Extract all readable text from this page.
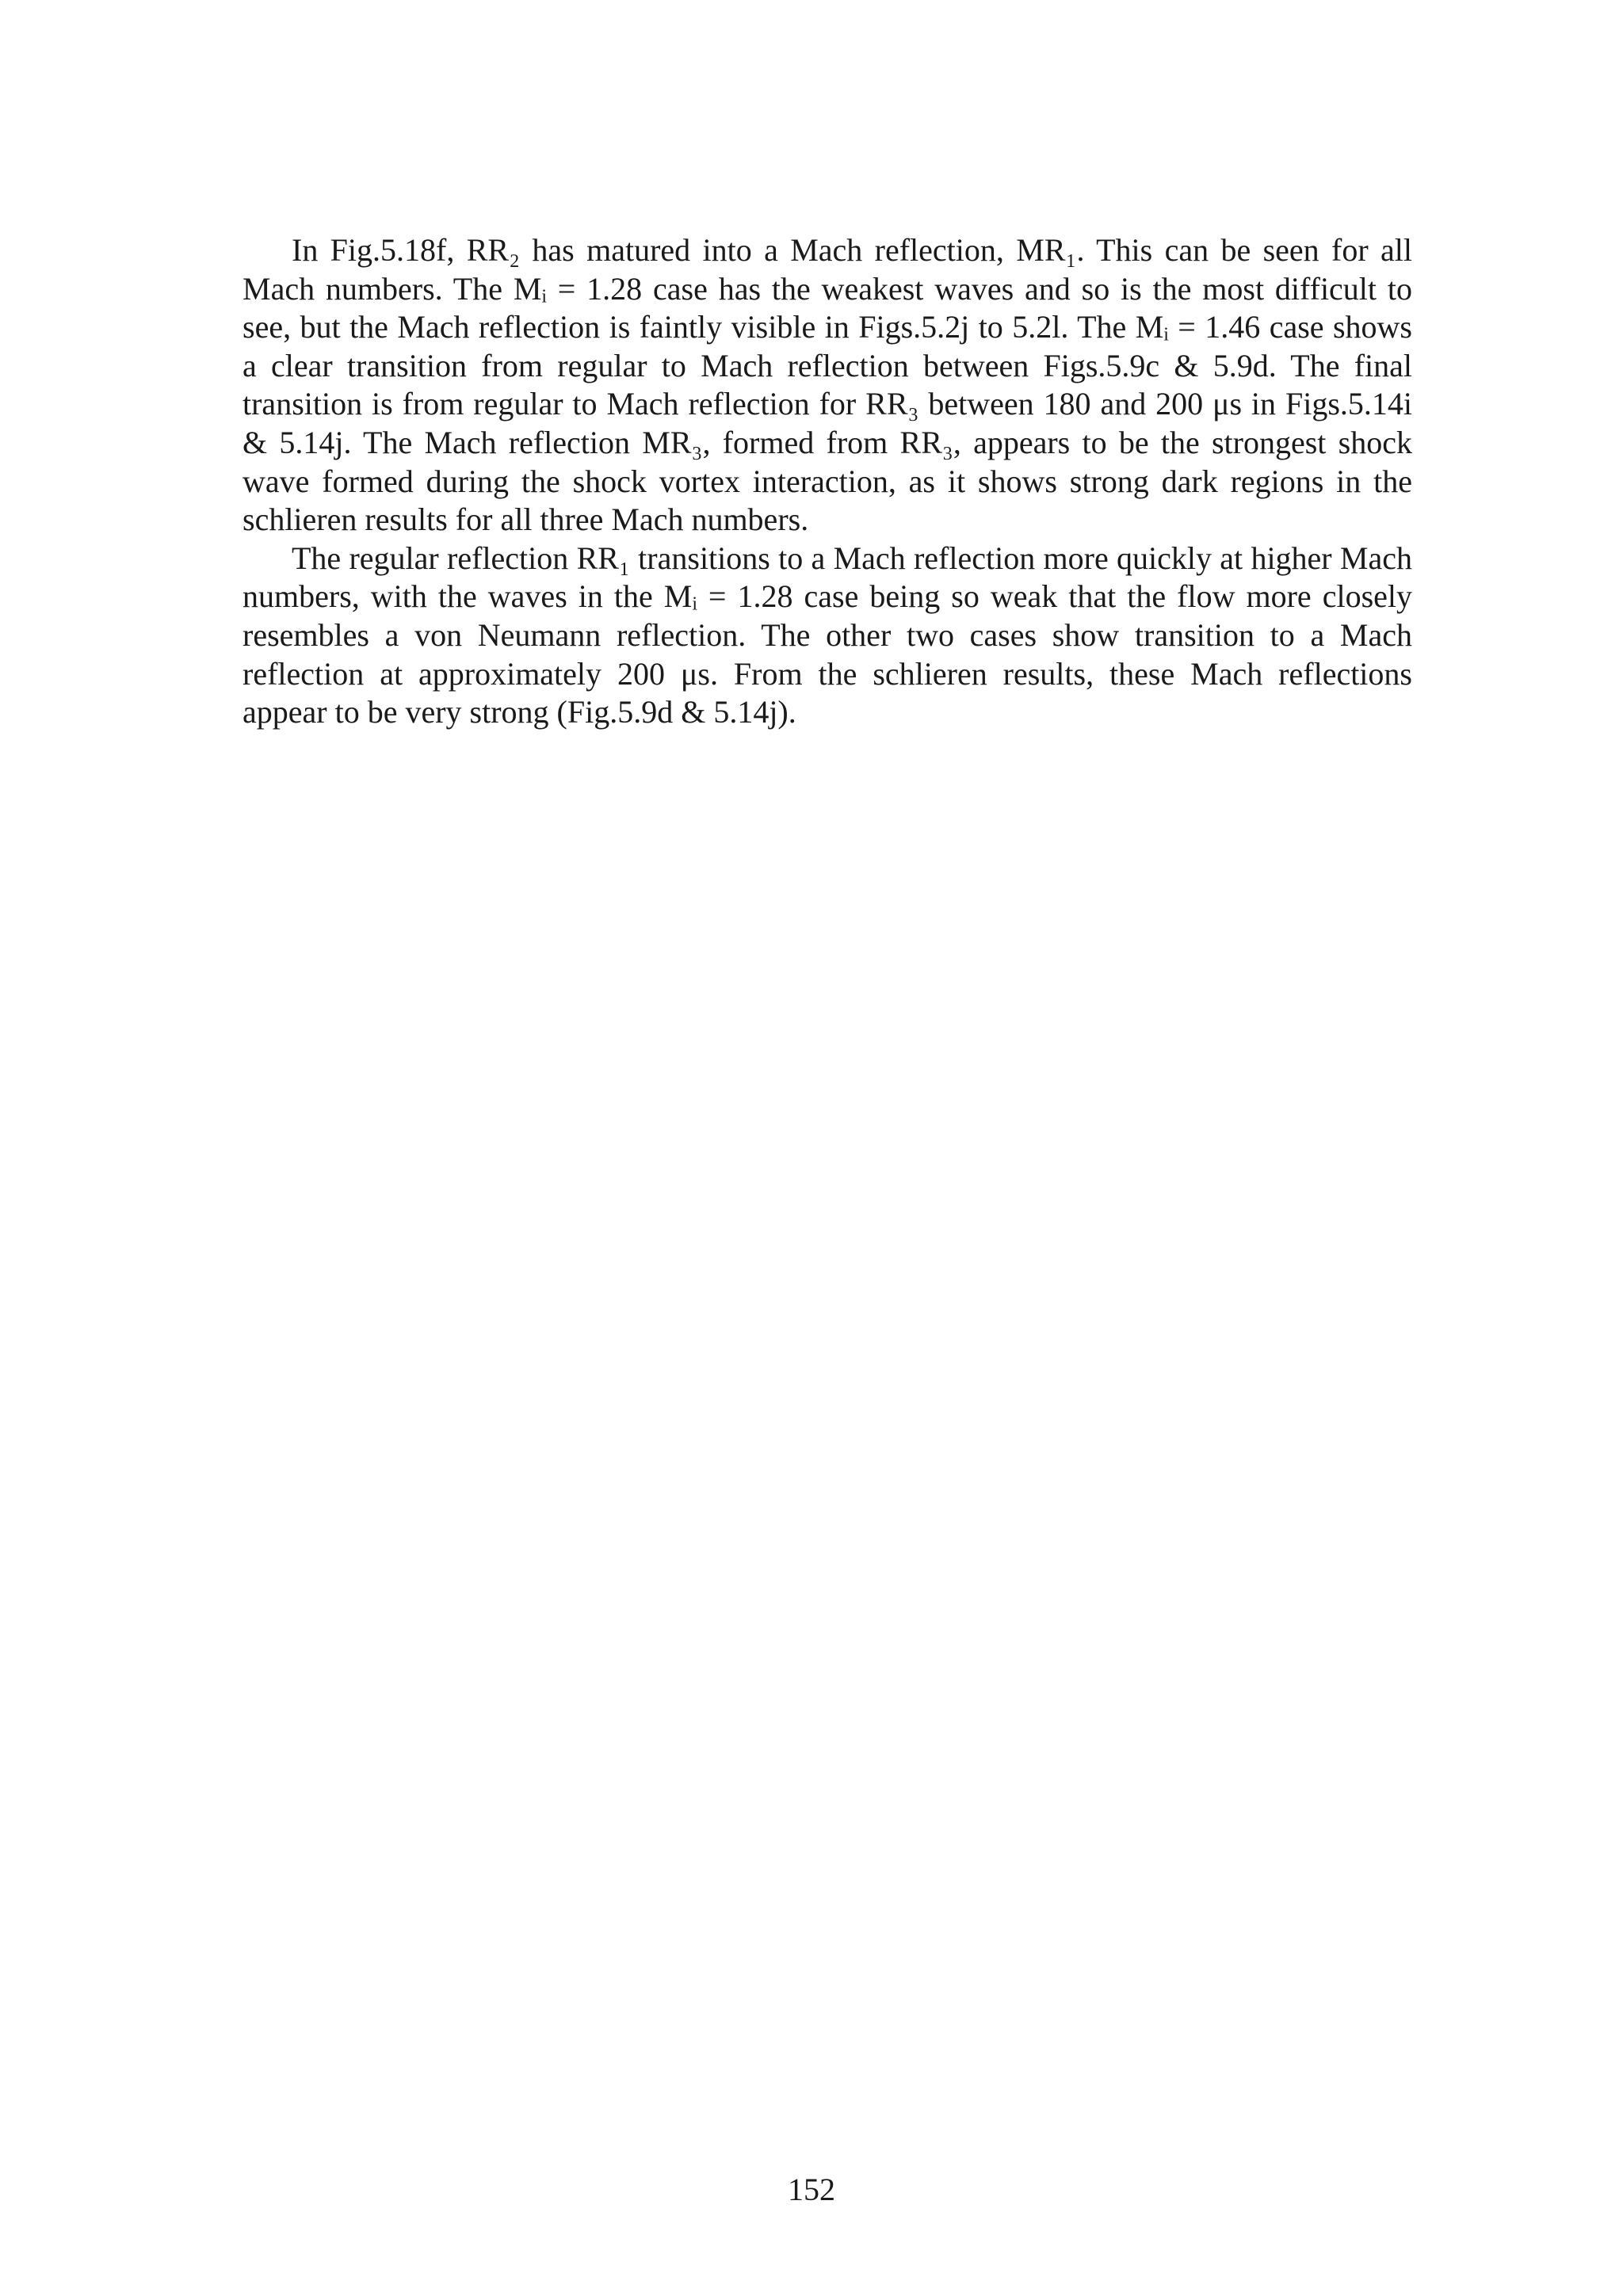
In Fig.5.18f, RR₂ has matured into a Mach reflection, MR₁. This can be seen for all Mach numbers. The Mᵢ = 1.28 case has the weakest waves and so is the most difficult to see, but the Mach reflection is faintly visible in Figs.5.2j to 5.2l. The Mᵢ = 1.46 case shows a clear transition from regular to Mach reflection between Figs.5.9c & 5.9d. The final transition is from regular to Mach reflection for RR₃ between 180 and 200 μs in Figs.5.14i & 5.14j. The Mach reflection MR₃, formed from RR₃, appears to be the strongest shock wave formed during the shock vortex interaction, as it shows strong dark regions in the schlieren results for all three Mach numbers.

The regular reflection RR₁ transitions to a Mach reflection more quickly at higher Mach numbers, with the waves in the Mᵢ = 1.28 case being so weak that the flow more closely resembles a von Neumann reflection. The other two cases show transition to a Mach reflection at approximately 200 μs. From the schlieren results, these Mach reflections appear to be very strong (Fig.5.9d & 5.14j).

152
